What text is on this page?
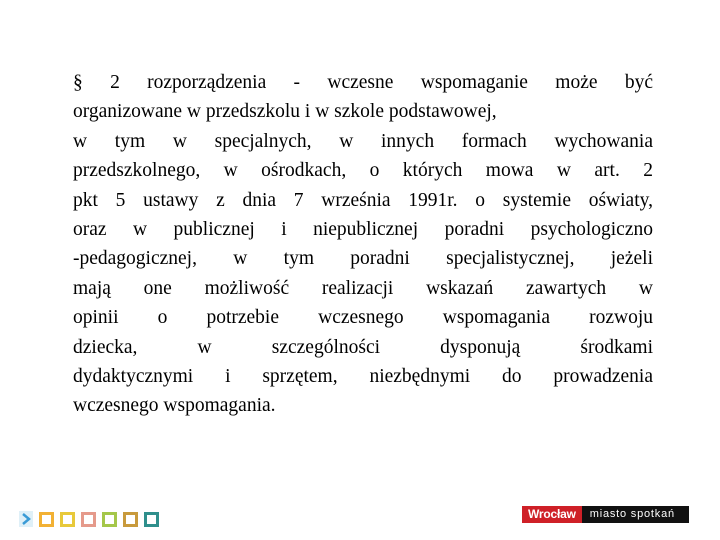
§ 2 rozporządzenia - wczesne wspomaganie może być
organizowane w przedszkolu i w szkole podstawowej,
w tym w specjalnych, w innych formach wychowania
przedszkolnego, w ośrodkach, o których mowa w art. 2
pkt 5 ustawy z dnia 7 września 1991r. o systemie oświaty,
oraz w publicznej i niepublicznej poradni psychologiczno
-pedagogicznej, w tym poradni specjalistycznej, jeżeli
mają one możliwość realizacji wskazań zawartych w
opinii o potrzebie wczesnego wspomagania rozwoju
dziecka, w szczególności dysponują środkami
dydaktycznymi i sprzętem, niezbędnymi do prowadzenia
wczesnego wspomagania.
Wrocław	miasto spotkań
